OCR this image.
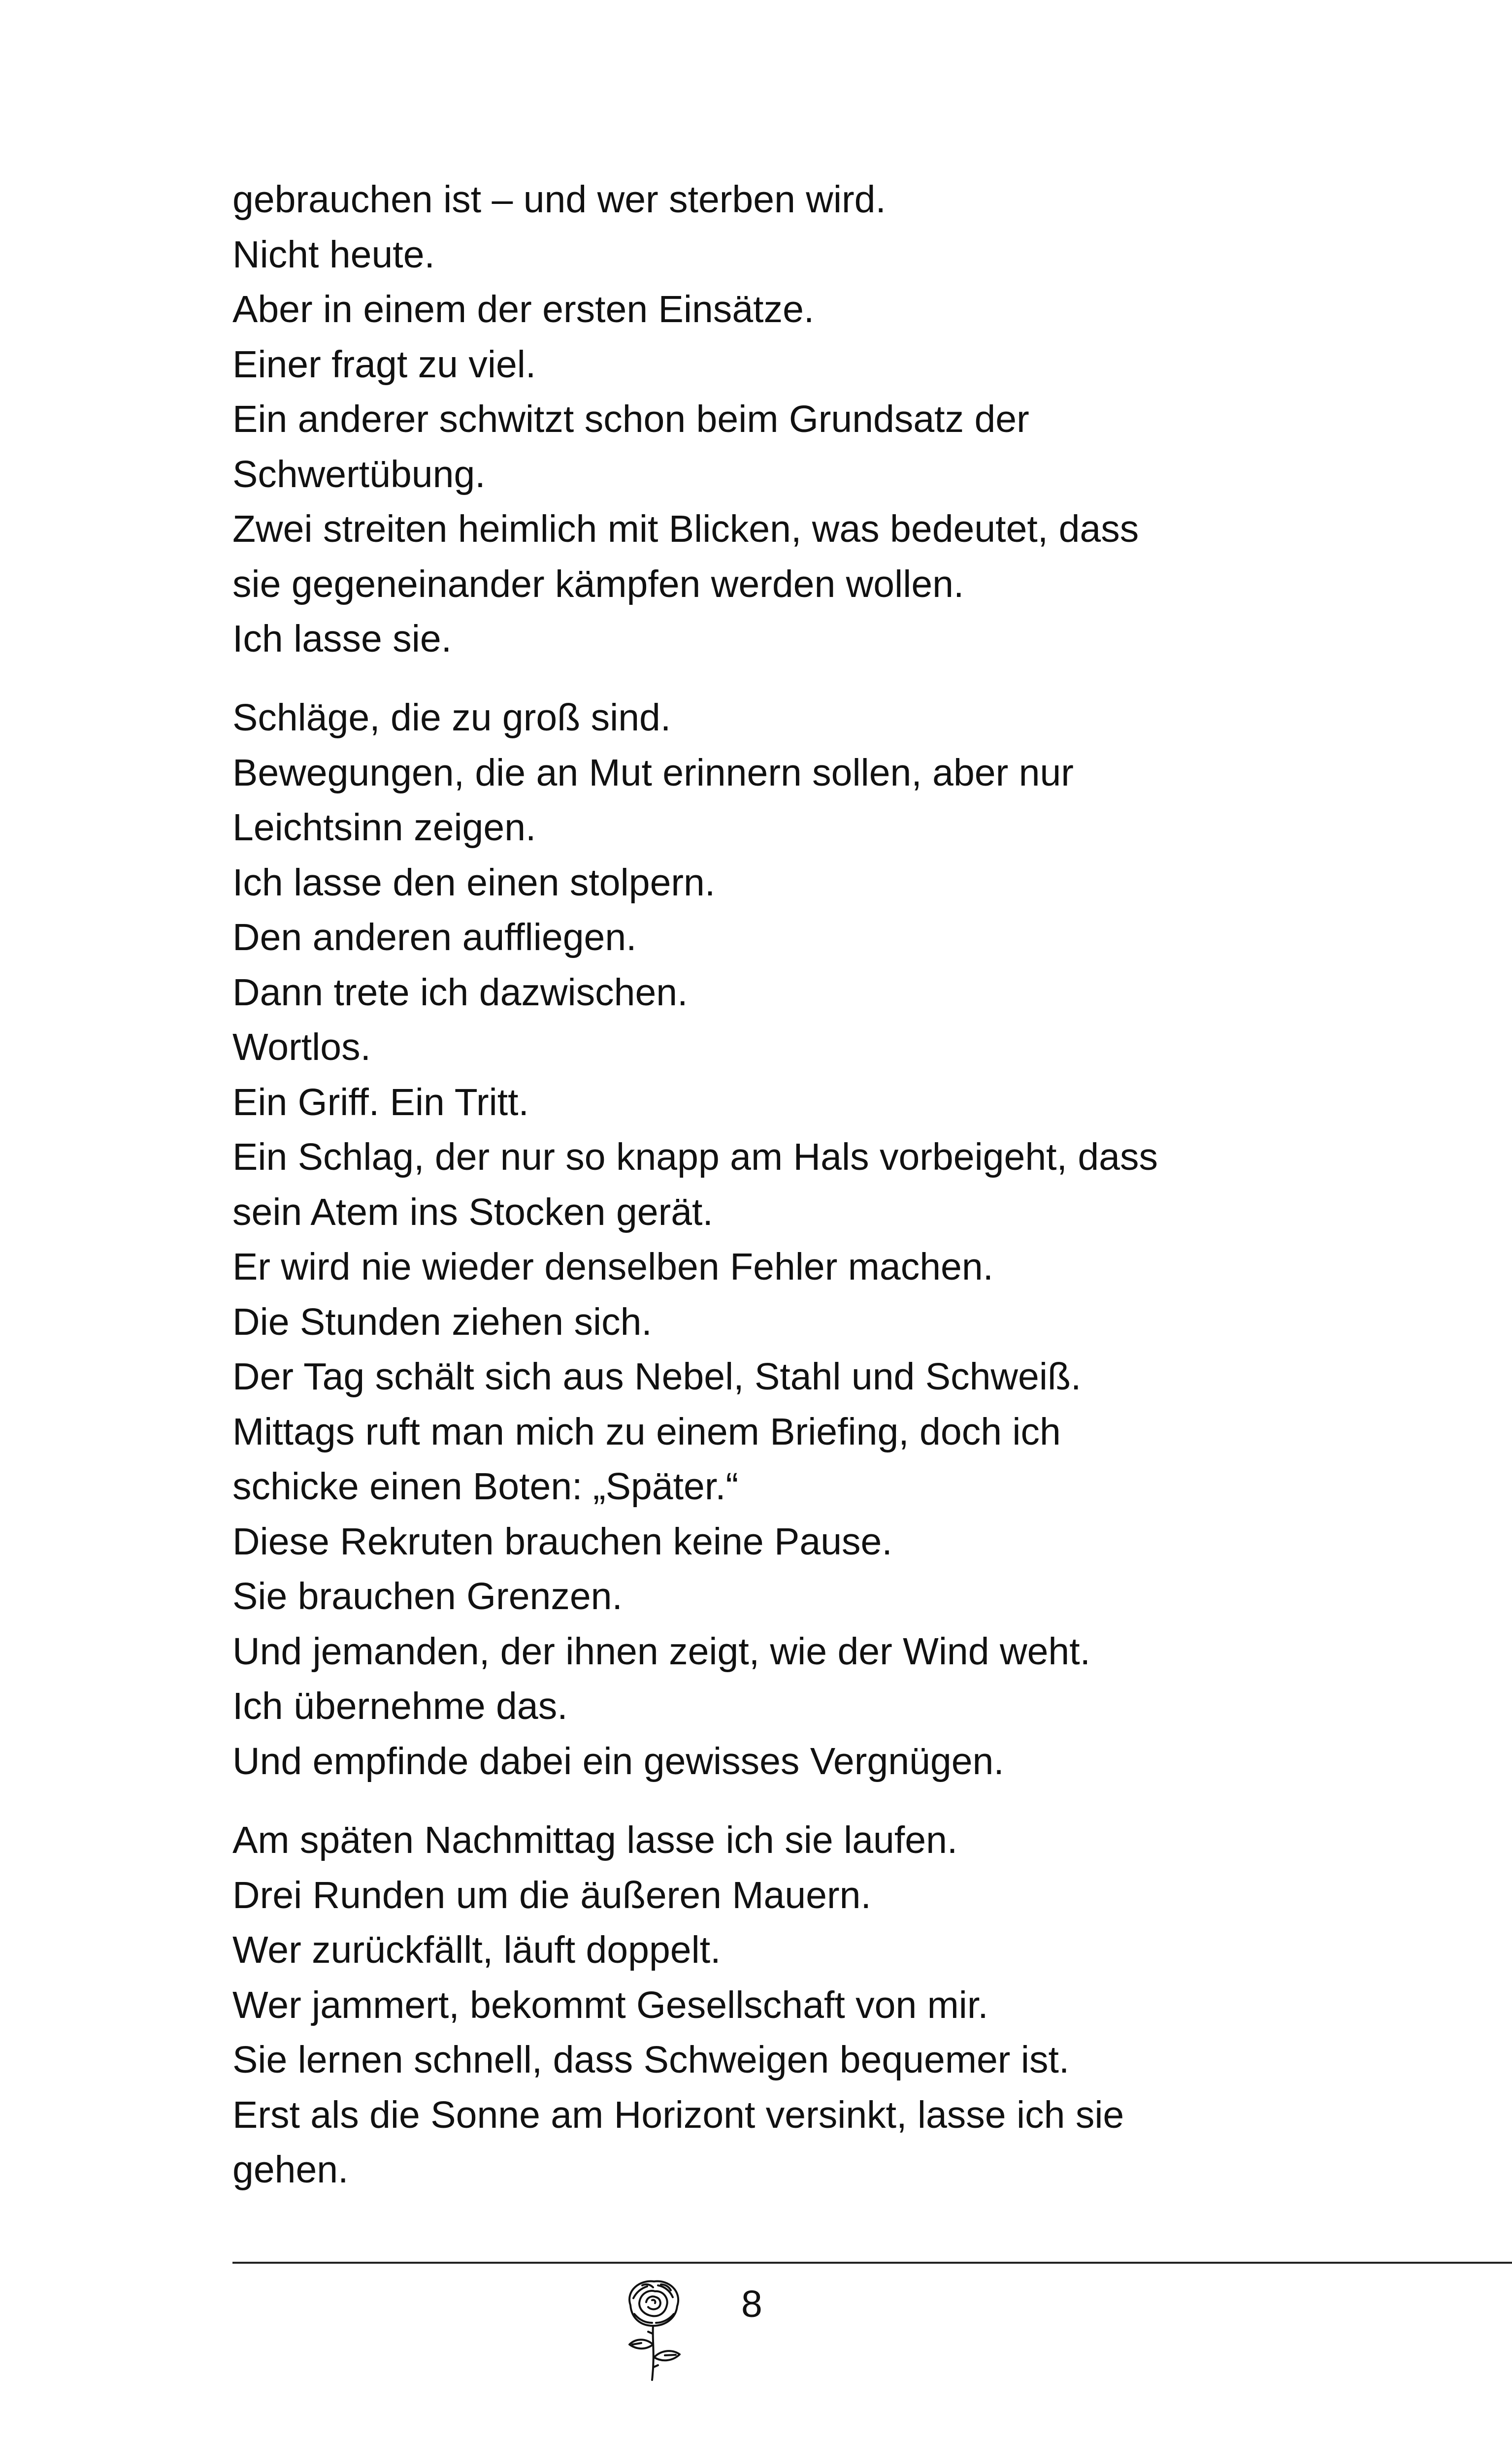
gebrauchen ist – und wer sterben wird.
Nicht heute.
Aber in einem der ersten Einsätze.
Einer fragt zu viel.
Ein anderer schwitzt schon beim Grundsatz der
Schwertübung.
Zwei streiten heimlich mit Blicken, was bedeutet, dass
sie gegeneinander kämpfen werden wollen.
Ich lasse sie.
Schläge, die zu groß sind.
Bewegungen, die an Mut erinnern sollen, aber nur
Leichtsinn zeigen.
Ich lasse den einen stolpern.
Den anderen auffliegen.
Dann trete ich dazwischen.
Wortlos.
Ein Griff. Ein Tritt.
Ein Schlag, der nur so knapp am Hals vorbeigeht, dass
sein Atem ins Stocken gerät.
Er wird nie wieder denselben Fehler machen.
Die Stunden ziehen sich.
Der Tag schält sich aus Nebel, Stahl und Schweiß.
Mittags ruft man mich zu einem Briefing, doch ich
schicke einen Boten: „Später.“
Diese Rekruten brauchen keine Pause.
Sie brauchen Grenzen.
Und jemanden, der ihnen zeigt, wie der Wind weht.
Ich übernehme das.
Und empfinde dabei ein gewisses Vergnügen.
Am späten Nachmittag lasse ich sie laufen.
Drei Runden um die äußeren Mauern.
Wer zurückfällt, läuft doppelt.
Wer jammert, bekommt Gesellschaft von mir.
Sie lernen schnell, dass Schweigen bequemer ist.
Erst als die Sonne am Horizont versinkt, lasse ich sie
gehen.
8
